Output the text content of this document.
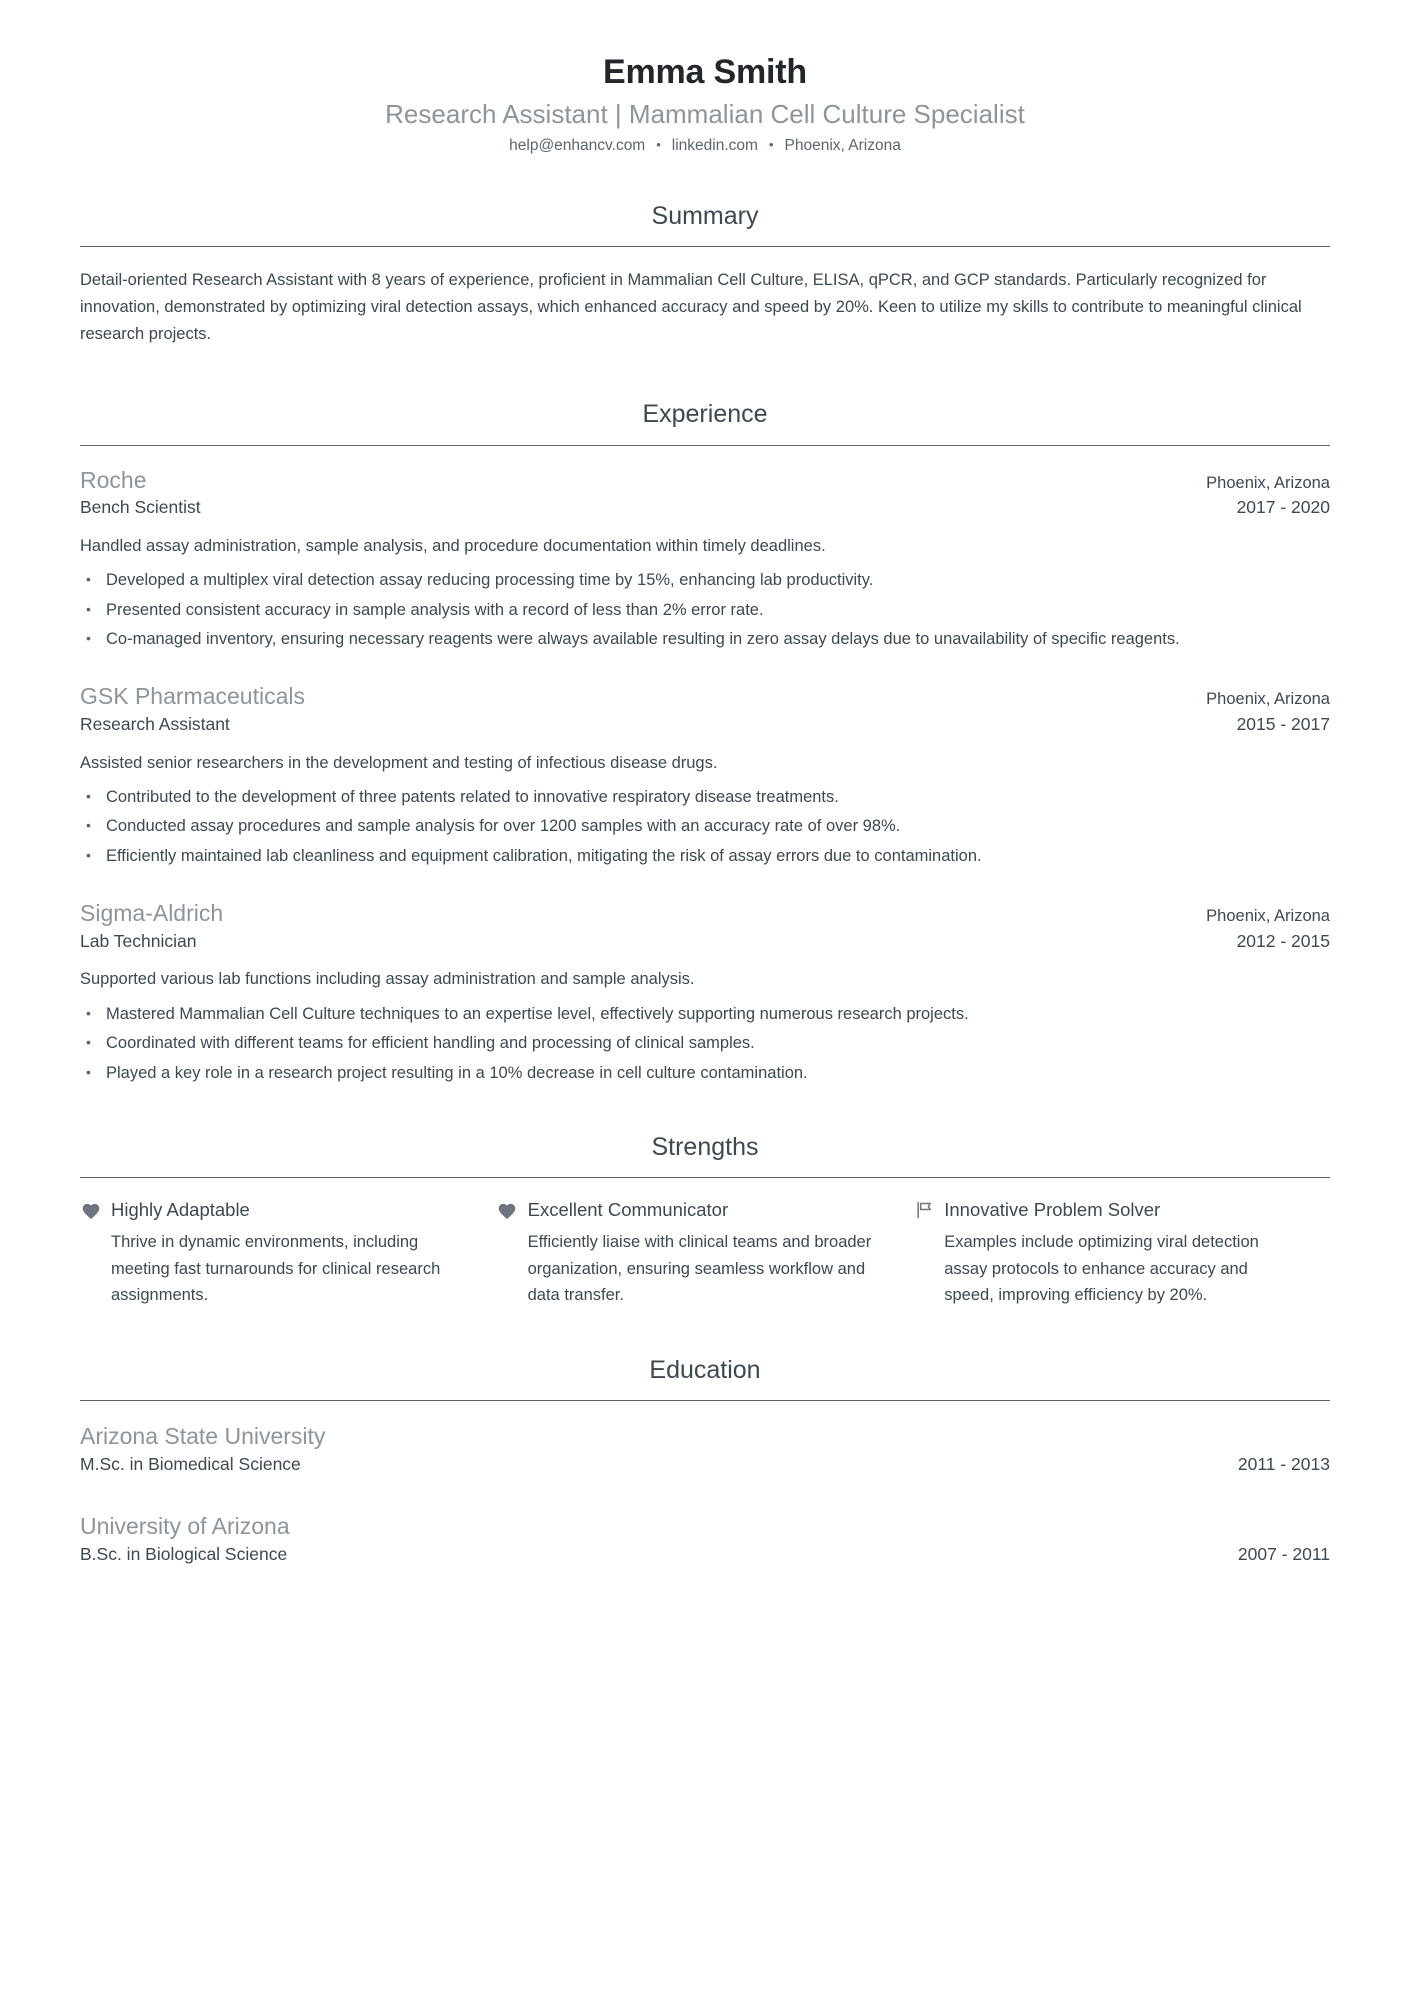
Emma Smith
Research Assistant | Mammalian Cell Culture Specialist
help@enhancv.com • linkedin.com • Phoenix, Arizona
Summary
Detail-oriented Research Assistant with 8 years of experience, proficient in Mammalian Cell Culture, ELISA, qPCR, and GCP standards. Particularly recognized for innovation, demonstrated by optimizing viral detection assays, which enhanced accuracy and speed by 20%. Keen to utilize my skills to contribute to meaningful clinical research projects.
Experience
Roche	Phoenix, Arizona
Bench Scientist	2017 - 2020
Handled assay administration, sample analysis, and procedure documentation within timely deadlines.
• Developed a multiplex viral detection assay reducing processing time by 15%, enhancing lab productivity.
• Presented consistent accuracy in sample analysis with a record of less than 2% error rate.
• Co-managed inventory, ensuring necessary reagents were always available resulting in zero assay delays due to unavailability of specific reagents.
GSK Pharmaceuticals	Phoenix, Arizona
Research Assistant	2015 - 2017
Assisted senior researchers in the development and testing of infectious disease drugs.
• Contributed to the development of three patents related to innovative respiratory disease treatments.
• Conducted assay procedures and sample analysis for over 1200 samples with an accuracy rate of over 98%.
• Efficiently maintained lab cleanliness and equipment calibration, mitigating the risk of assay errors due to contamination.
Sigma-Aldrich	Phoenix, Arizona
Lab Technician	2012 - 2015
Supported various lab functions including assay administration and sample analysis.
• Mastered Mammalian Cell Culture techniques to an expertise level, effectively supporting numerous research projects.
• Coordinated with different teams for efficient handling and processing of clinical samples.
• Played a key role in a research project resulting in a 10% decrease in cell culture contamination.
Strengths
Highly Adaptable
Thrive in dynamic environments, including meeting fast turnarounds for clinical research assignments.
Excellent Communicator
Efficiently liaise with clinical teams and broader organization, ensuring seamless workflow and data transfer.
Innovative Problem Solver
Examples include optimizing viral detection assay protocols to enhance accuracy and speed, improving efficiency by 20%.
Education
Arizona State University
M.Sc. in Biomedical Science	2011 - 2013
University of Arizona
B.Sc. in Biological Science	2007 - 2011
